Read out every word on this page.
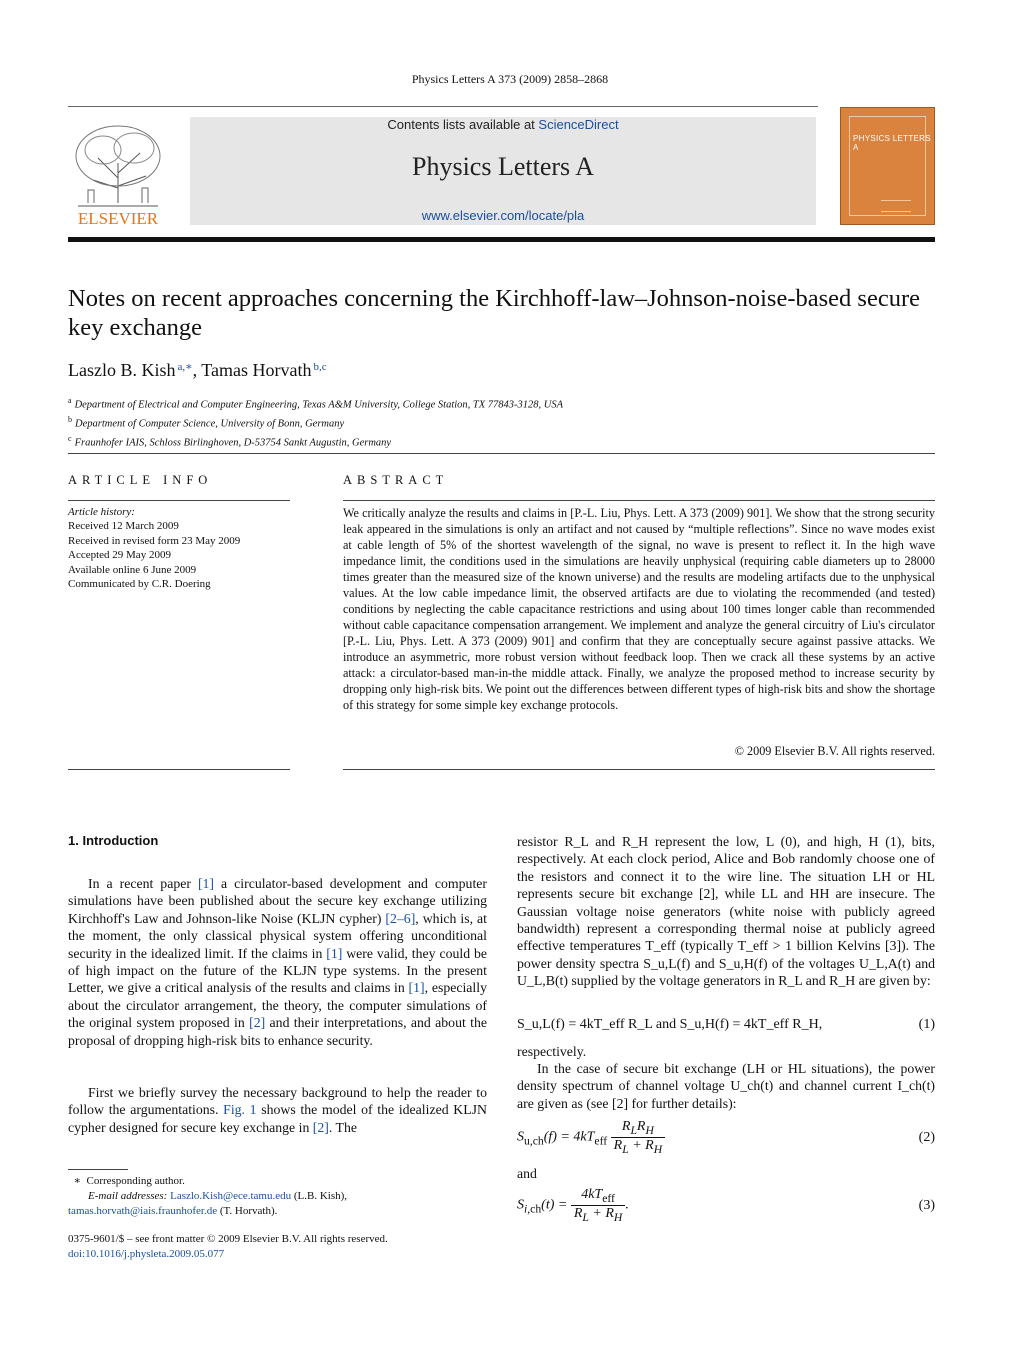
Physics Letters A 373 (2009) 2858–2868
ELSEVIER
Contents lists available at ScienceDirect
Physics Letters A
www.elsevier.com/locate/pla
PHYSICS LETTERS A
Notes on recent approaches concerning the Kirchhoff-law–Johnson-noise-based secure key exchange
Laszlo B. Kish $^{a,∗}$, Tamas Horvath $^{b,c}$
$^a$ Department of Electrical and Computer Engineering, Texas A&M University, College Station, TX 77843-3128, USA
$^b$ Department of Computer Science, University of Bonn, Germany
$^c$ Fraunhofer IAIS, Schloss Birlinghoven, D-53754 Sankt Augustin, Germany
ARTICLE INFO	ABSTRACT
Article history:
Received 12 March 2009
Received in revised form 23 May 2009
Accepted 29 May 2009
Available online 6 June 2009
Communicated by C.R. Doering
We critically analyze the results and claims in [P.-L. Liu, Phys. Lett. A 373 (2009) 901]. We show that the strong security leak appeared in the simulations is only an artifact and not caused by “multiple reflections”. Since no wave modes exist at cable length of 5% of the shortest wavelength of the signal, no wave is present to reflect it. In the high wave impedance limit, the conditions used in the simulations are heavily unphysical (requiring cable diameters up to 28000 times greater than the measured size of the known universe) and the results are modeling artifacts due to the unphysical values. At the low cable impedance limit, the observed artifacts are due to violating the recommended (and tested) conditions by neglecting the cable capacitance restrictions and using about 100 times longer cable than recommended without cable capacitance compensation arrangement. We implement and analyze the general circuitry of Liu's circulator [P.-L. Liu, Phys. Lett. A 373 (2009) 901] and confirm that they are conceptually secure against passive attacks. We introduce an asymmetric, more robust version without feedback loop. Then we crack all these systems by an active attack: a circulator-based man-in-the middle attack. Finally, we analyze the proposed method to increase security by dropping only high-risk bits. We point out the differences between different types of high-risk bits and show the shortage of this strategy for some simple key exchange protocols.
© 2009 Elsevier B.V. All rights reserved.
1. Introduction
In a recent paper [1] a circulator-based development and computer simulations have been published about the secure key exchange utilizing Kirchhoff's Law and Johnson-like Noise (KLJN cypher) [2–6], which is, at the moment, the only classical physical system offering unconditional security in the idealized limit. If the claims in [1] were valid, they could be of high impact on the future of the KLJN type systems. In the present Letter, we give a critical analysis of the results and claims in [1], especially about the circulator arrangement, the theory, the computer simulations of the original system proposed in [2] and their interpretations, and about the proposal of dropping high-risk bits to enhance security.
First we briefly survey the necessary background to help the reader to follow the argumentations. Fig. 1 shows the model of the idealized KLJN cypher designed for secure key exchange in [2]. The
∗  Corresponding author.
E-mail addresses: Laszlo.Kish@ece.tamu.edu (L.B. Kish),
tamas.horvath@iais.fraunhofer.de (T. Horvath).
0375-9601/$ – see front matter © 2009 Elsevier B.V. All rights reserved.
doi:10.1016/j.physleta.2009.05.077
resistor R_L and R_H represent the low, L (0), and high, H (1), bits, respectively. At each clock period, Alice and Bob randomly choose one of the resistors and connect it to the wire line. The situation LH or HL represents secure bit exchange [2], while LL and HH are insecure. The Gaussian voltage noise generators (white noise with publicly agreed bandwidth) represent a corresponding thermal noise at publicly agreed effective temperatures T_eff (typically T_eff > 1 billion Kelvins [3]). The power density spectra S_u,L(f) and S_u,H(f) of the voltages U_L,A(t) and U_L,B(t) supplied by the voltage generators in R_L and R_H are given by:
S_u,L(f) = 4kT_eff R_L and S_u,H(f) = 4kT_eff R_H,	(1)
respectively.
In the case of secure bit exchange (LH or HL situations), the power density spectrum of channel voltage U_ch(t) and channel current I_ch(t) are given as (see [2] for further details):
$S_{u,ch}(f) = 4kT_{eff} \frac{R_LR_H}{R_L + R_H}$	(2)
and
$S_{i,ch}(t) = \frac{4kT_{eff}}{R_L + R_H}$ .	(3)
